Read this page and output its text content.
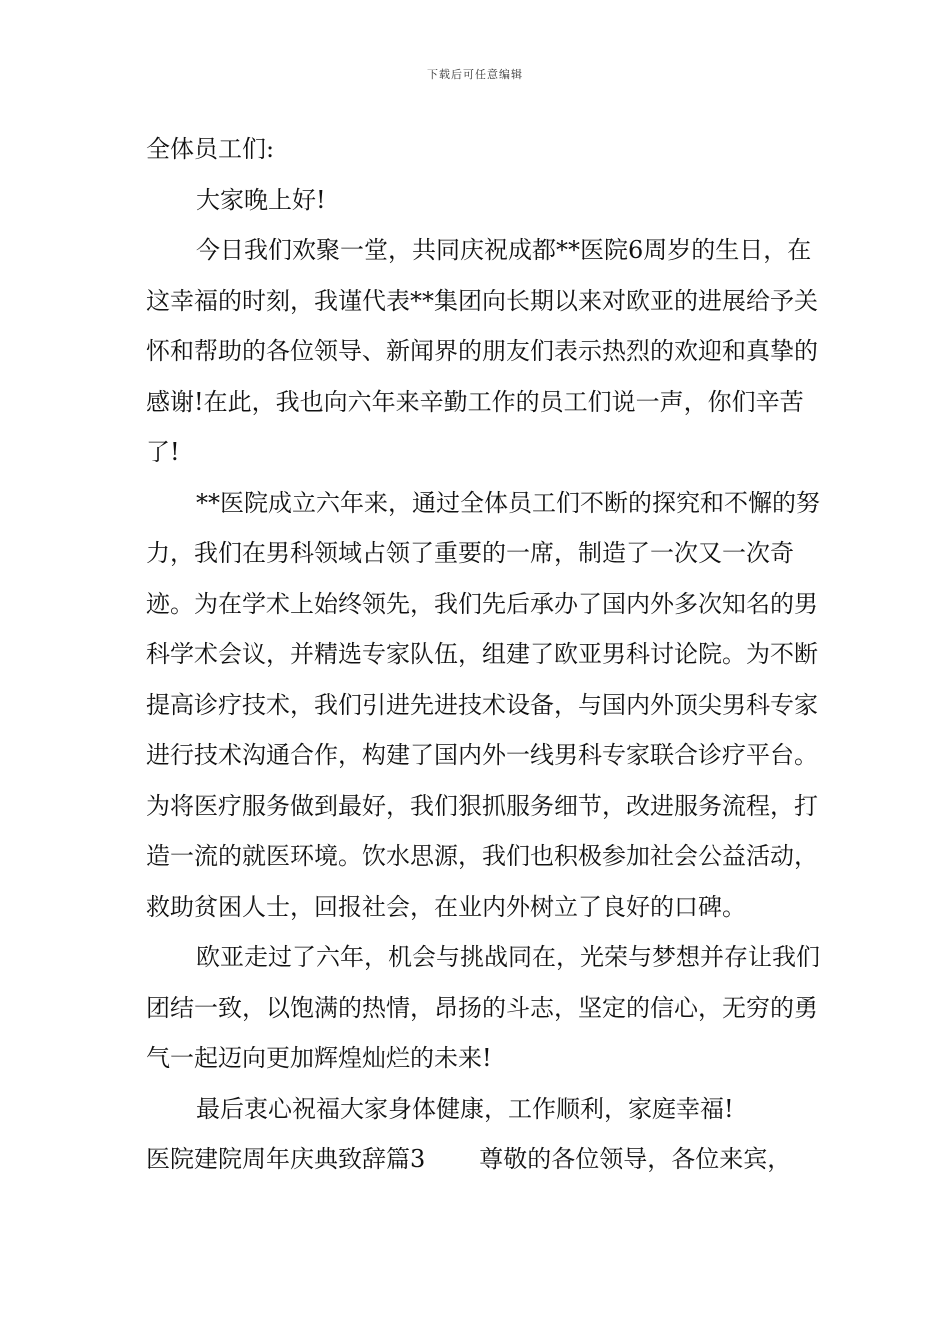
下载后可任意编辑

全体员工们:

大家晚上好!

今日我们欢聚一堂，共同庆祝成都**医院6周岁的生日，在这幸福的时刻，我谨代表**集团向长期以来对欧亚的进展给予关怀和帮助的各位领导、新闻界的朋友们表示热烈的欢迎和真挚的感谢!在此，我也向六年来辛勤工作的员工们说一声，你们辛苦了!

**医院成立六年来，通过全体员工们不断的探究和不懈的努力，我们在男科领域占领了重要的一席，制造了一次又一次奇迹。为在学术上始终领先，我们先后承办了国内外多次知名的男科学术会议，并精选专家队伍，组建了欧亚男科讨论院。为不断提高诊疗技术，我们引进先进技术设备，与国内外顶尖男科专家进行技术沟通合作，构建了国内外一线男科专家联合诊疗平台。为将医疗服务做到最好，我们狠抓服务细节，改进服务流程，打造一流的就医环境。饮水思源，我们也积极参加社会公益活动，救助贫困人士，回报社会，在业内外树立了良好的口碑。

欧亚走过了六年，机会与挑战同在，光荣与梦想并存让我们团结一致，以饱满的热情，昂扬的斗志，坚定的信心，无穷的勇气一起迈向更加辉煌灿烂的未来!

最后衷心祝福大家身体健康，工作顺利，家庭幸福!

医院建院周年庆典致辞篇3 尊敬的各位领导，各位来宾，
